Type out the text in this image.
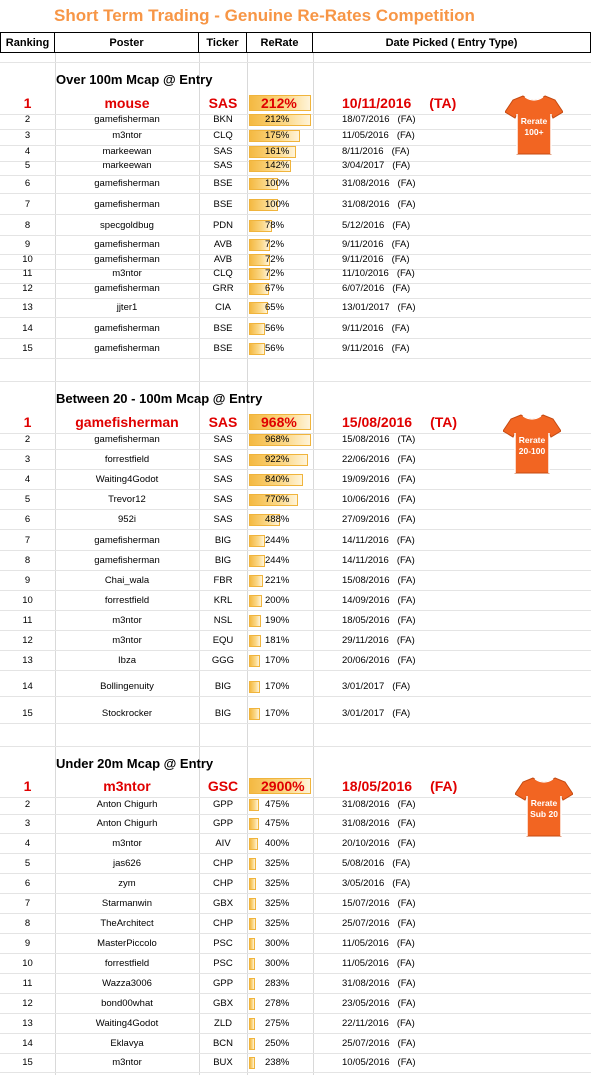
Short Term Trading - Genuine Re-Rates Competition
Ranking	Poster	Ticker	ReRate	Date Picked ( Entry Type)
Over 100m Mcap @ Entry
1	mouse	SAS	212%	10/11/2016 (TA)
2	gamefisherman	BKN	212%	18/07/2016 (FA)
3	m3ntor	CLQ	175%	11/05/2016 (FA)
4	markeewan	SAS	161%	8/11/2016 (FA)
5	markeewan	SAS	142%	3/04/2017 (FA)
6	gamefisherman	BSE	100%	31/08/2016 (FA)
7	gamefisherman	BSE	100%	31/08/2016 (FA)
8	specgoldbug	PDN	78%	5/12/2016 (FA)
9	gamefisherman	AVB	72%	9/11/2016 (FA)
10	gamefisherman	AVB	72%	9/11/2016 (FA)
11	m3ntor	CLQ	72%	11/10/2016 (FA)
12	gamefisherman	GRR	67%	6/07/2016 (FA)
13	jjter1	CIA	65%	13/01/2017 (FA)
14	gamefisherman	BSE	56%	9/11/2016 (FA)
15	gamefisherman	BSE	56%	9/11/2016 (FA)
Rerate
100+
Between 20 - 100m Mcap @ Entry
1	gamefisherman	SAS	968%	15/08/2016 (TA)
2	gamefisherman	SAS	968%	15/08/2016 (TA)
3	forrestfield	SAS	922%	22/06/2016 (FA)
4	Waiting4Godot	SAS	840%	19/09/2016 (FA)
5	Trevor12	SAS	770%	10/06/2016 (FA)
6	952i	SAS	488%	27/09/2016 (FA)
7	gamefisherman	BIG	244%	14/11/2016 (FA)
8	gamefisherman	BIG	244%	14/11/2016 (FA)
9	Chai_wala	FBR	221%	15/08/2016 (FA)
10	forrestfield	KRL	200%	14/09/2016 (FA)
11	m3ntor	NSL	190%	18/05/2016 (FA)
12	m3ntor	EQU	181%	29/11/2016 (FA)
13	Ibza	GGG	170%	20/06/2016 (FA)
14	Bollingenuity	BIG	170%	3/01/2017 (FA)
15	Stockrocker	BIG	170%	3/01/2017 (FA)
Rerate
20-100
Under 20m Mcap @ Entry
1	m3ntor	GSC	2900%	18/05/2016 (FA)
2	Anton Chigurh	GPP	475%	31/08/2016 (FA)
3	Anton Chigurh	GPP	475%	31/08/2016 (FA)
4	m3ntor	AIV	400%	20/10/2016 (FA)
5	jas626	CHP	325%	5/08/2016 (FA)
6	zym	CHP	325%	3/05/2016 (FA)
7	Starmanwin	GBX	325%	15/07/2016 (FA)
8	TheArchitect	CHP	325%	25/07/2016 (FA)
9	MasterPiccolo	PSC	300%	11/05/2016 (FA)
10	forrestfield	PSC	300%	11/05/2016 (FA)
11	Wazza3006	GPP	283%	31/08/2016 (FA)
12	bond00what	GBX	278%	23/05/2016 (FA)
13	Waiting4Godot	ZLD	275%	22/11/2016 (FA)
14	Eklavya	BCN	250%	25/07/2016 (FA)
15	m3ntor	BUX	238%	10/05/2016 (FA)
Rerate
Sub 20
